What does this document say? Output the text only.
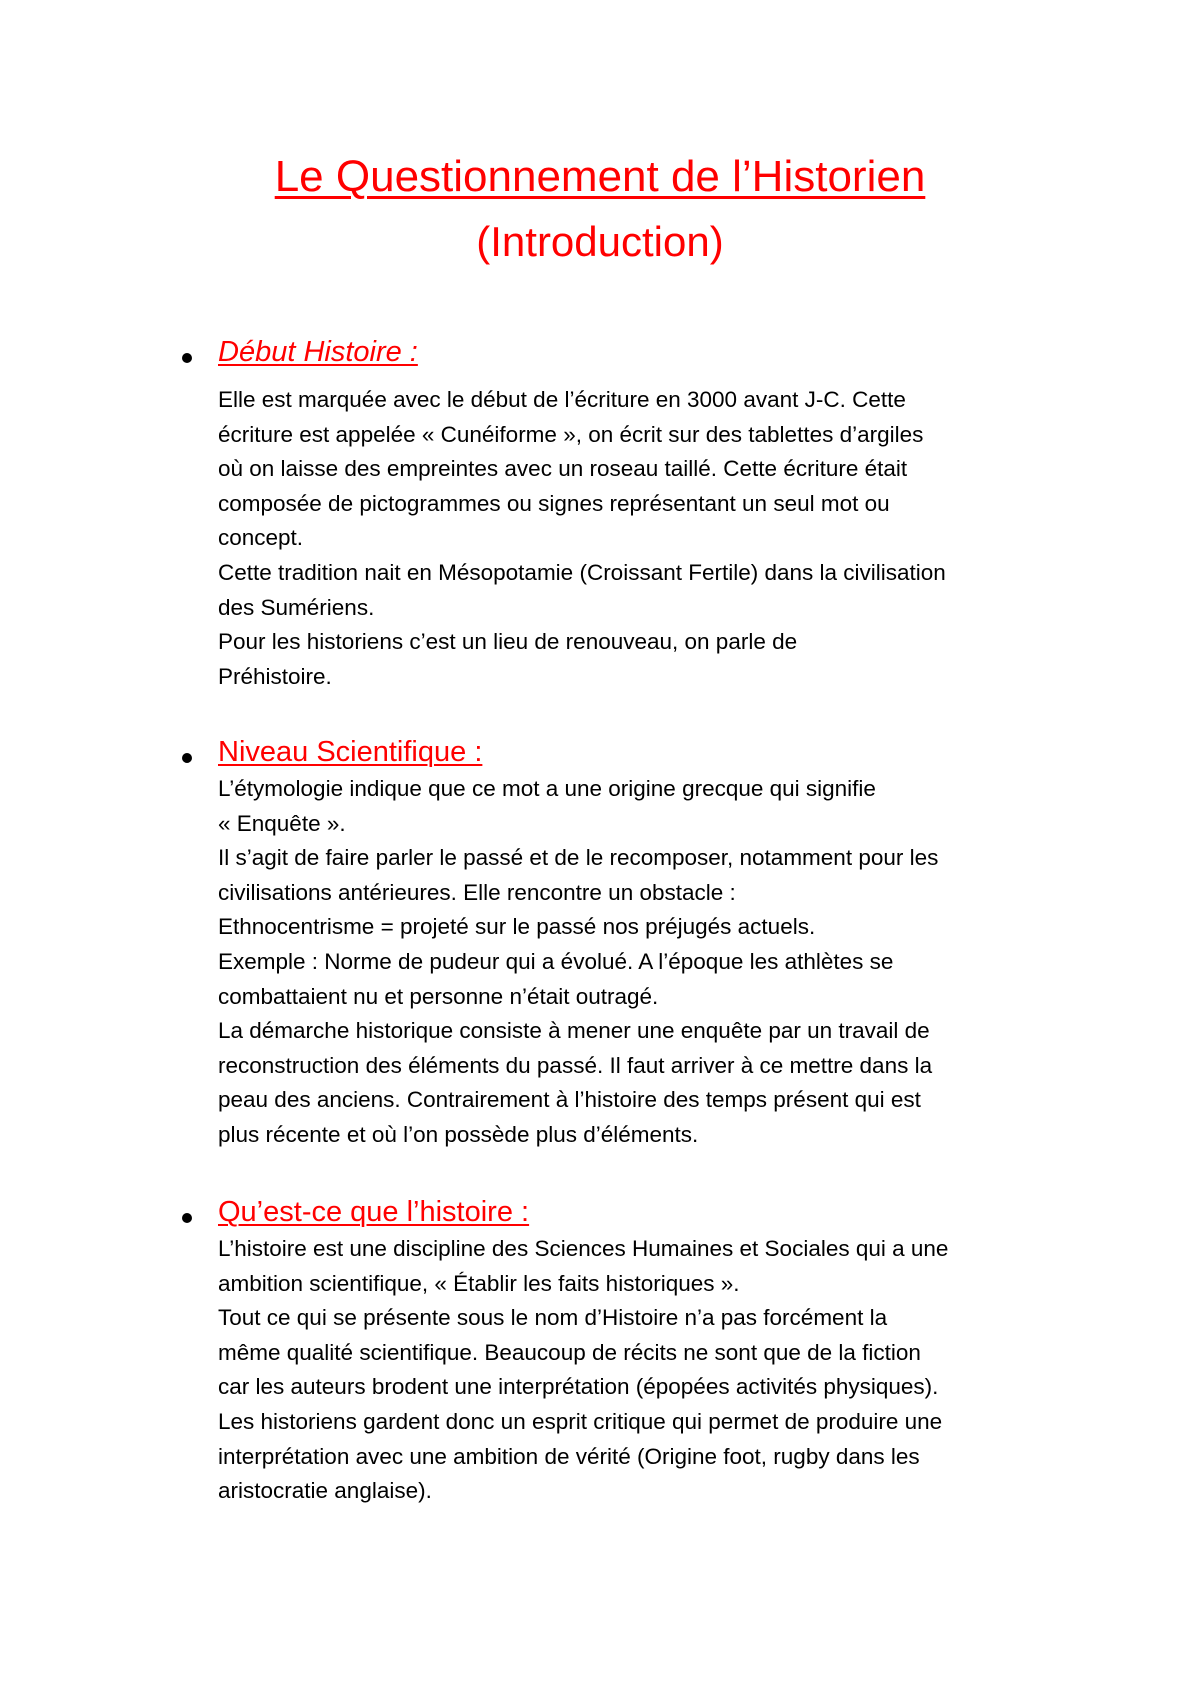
Le Questionnement de l’Historien
(Introduction)
Début Histoire :
Elle est marquée avec le début de l’écriture en 3000 avant J-C. Cette
écriture est appelée « Cunéiforme », on écrit sur des tablettes d’argiles
où on laisse des empreintes avec un roseau taillé. Cette écriture était
composée de pictogrammes ou signes représentant un seul mot ou
concept.
Cette tradition nait en Mésopotamie (Croissant Fertile) dans la civilisation
des Sumériens.
Pour les historiens c’est un lieu de renouveau, on parle de
Préhistoire.
Niveau Scientifique :
L’étymologie indique que ce mot a une origine grecque qui signifie
« Enquête ».
Il s’agit de faire parler le passé et de le recomposer, notamment pour les
civilisations antérieures. Elle rencontre un obstacle :
Ethnocentrisme = projeté sur le passé nos préjugés actuels.
Exemple : Norme de pudeur qui a évolué. A l’époque les athlètes se
combattaient nu et personne n’était outragé.
La démarche historique consiste à mener une enquête par un travail de
reconstruction des éléments du passé. Il faut arriver à ce mettre dans la
peau des anciens. Contrairement à l’histoire des temps présent qui est
plus récente et où l’on possède plus d’éléments.
Qu’est-ce que l’histoire :
L’histoire est une discipline des Sciences Humaines et Sociales qui a une
ambition scientifique, « Établir les faits historiques ».
Tout ce qui se présente sous le nom d’Histoire n’a pas forcément la
même qualité scientifique. Beaucoup de récits ne sont que de la fiction
car les auteurs brodent une interprétation (épopées activités physiques).
Les historiens gardent donc un esprit critique qui permet de produire une
interprétation avec une ambition de vérité (Origine foot, rugby dans les
aristocratie anglaise).
